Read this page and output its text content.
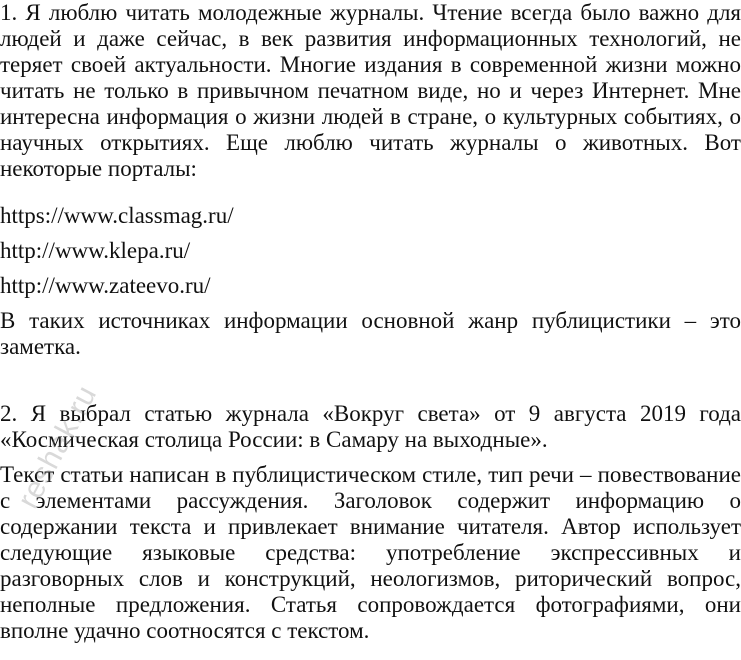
1. Я люблю читать молодежные журналы. Чтение всегда было важно для людей и даже сейчас, в век развития информационных технологий, не теряет своей актуальности. Многие издания в современной жизни можно читать не только в привычном печатном виде, но и через Интернет. Мне интересна информация о жизни людей в стране, о культурных событиях, о научных открытиях. Еще люблю читать журналы о животных. Вот некоторые порталы:

https://www.classmag.ru/

http://www.klepa.ru/

http://www.zateevo.ru/

В таких источниках информации основной жанр публицистики – это заметка.

2. Я выбрал статью журнала «Вокруг света» от 9 августа 2019 года «Космическая столица России: в Самару на выходные».

Текст статьи написан в публицистическом стиле, тип речи – повествование с элементами рассуждения. Заголовок содержит информацию о содержании текста и привлекает внимание читателя. Автор использует следующие языковые средства: употребление экспрессивных и разговорных слов и конструкций, неологизмов, риторический вопрос, неполные предложения. Статья сопровождается фотографиями, они вполне удачно соотносятся с текстом.

reshak.ru
